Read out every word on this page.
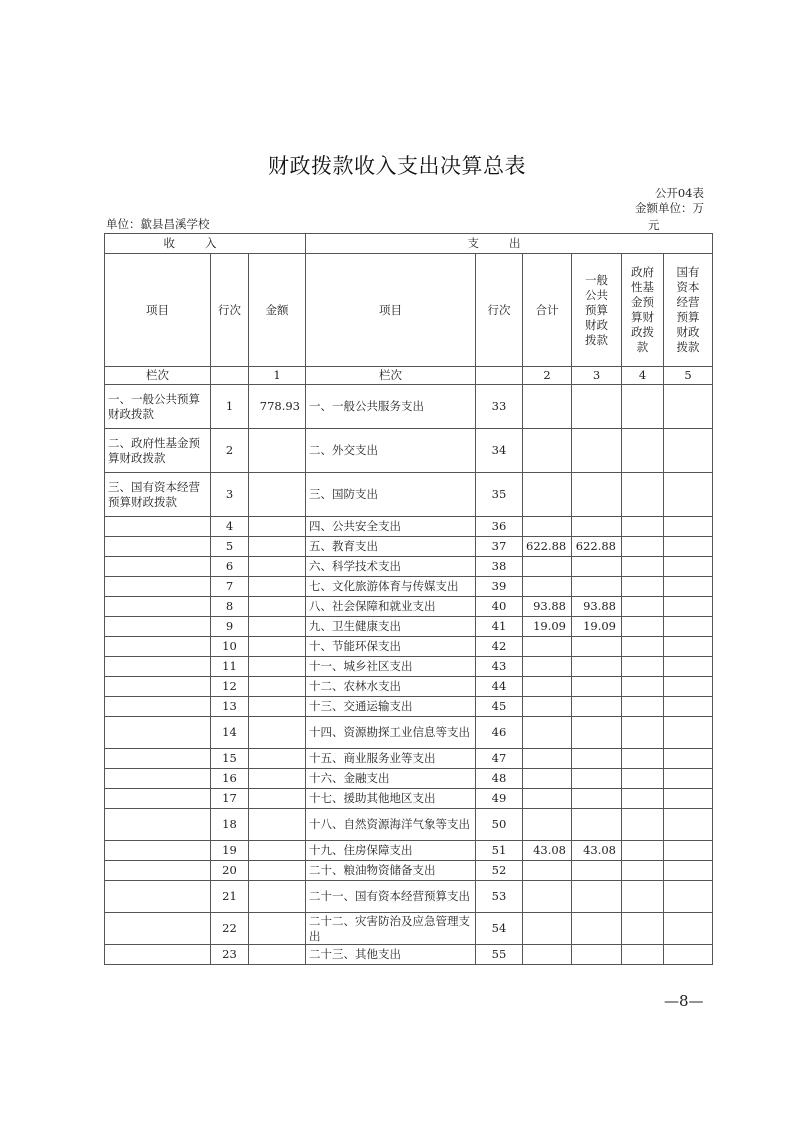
财政拨款收入支出决算总表
公开04表
金额单位：万
元
单位：歙县昌溪学校
收入			支出					
项目	行次	金额	项目	行次	合计	一般公共预算财政拨款	政府性基金预算财政拨款	国有资本经营预算财政拨款
栏次		1	栏次		2	3	4	5
一、一般公共预算财政拨款	1	778.93	一、一般公共服务支出	33				
二、政府性基金预算财政拨款	2		二、外交支出	34				
三、国有资本经营预算财政拨款	3		三、国防支出	35				
	4		四、公共安全支出	36				
	5		五、教育支出	37	622.88	622.88		
	6		六、科学技术支出	38				
	7		七、文化旅游体育与传媒支出	39				
	8		八、社会保障和就业支出	40	93.88	93.88		
	9		九、卫生健康支出	41	19.09	19.09		
	10		十、节能环保支出	42				
	11		十一、城乡社区支出	43				
	12		十二、农林水支出	44				
	13		十三、交通运输支出	45				
	14		十四、资源勘探工业信息等支出	46				
	15		十五、商业服务业等支出	47				
	16		十六、金融支出	48				
	17		十七、援助其他地区支出	49				
	18		十八、自然资源海洋气象等支出	50				
	19		十九、住房保障支出	51	43.08	43.08		
	20		二十、粮油物资储备支出	52				
	21		二十一、国有资本经营预算支出	53				
	22		二十二、灾害防治及应急管理支出	54				
	23		二十三、其他支出	55				
—8—
